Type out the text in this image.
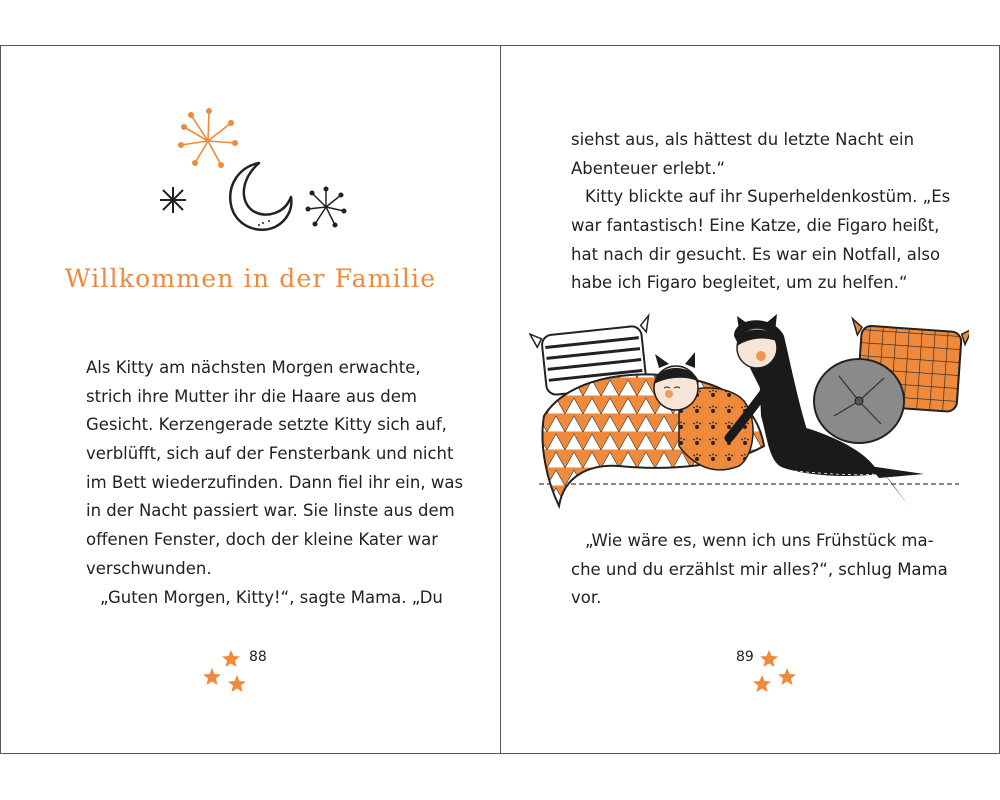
Willkommen in der Familie
Als Kitty am nächsten Morgen erwachte,
strich ihre Mutter ihr die Haare aus dem
Gesicht. Kerzengerade setzte Kitty sich auf,
verblüfft, sich auf der Fensterbank und nicht
im Bett wiederzufinden. Dann fiel ihr ein, was
in der Nacht passiert war. Sie linste aus dem
offenen Fenster, doch der kleine Kater war
verschwunden.
„Guten Morgen, Kitty!“, sagte Mama. „Du

88

siehst aus, als hättest du letzte Nacht ein
Abenteuer erlebt.“
Kitty blickte auf ihr Superheldenkostüm. „Es
war fantastisch! Eine Katze, die Figaro heißt,
hat nach dir gesucht. Es war ein Notfall, also
habe ich Figaro begleitet, um zu helfen.“
„Wie wäre es, wenn ich uns Frühstück ma-
che und du erzählst mir alles?“, schlug Mama
vor.

89
